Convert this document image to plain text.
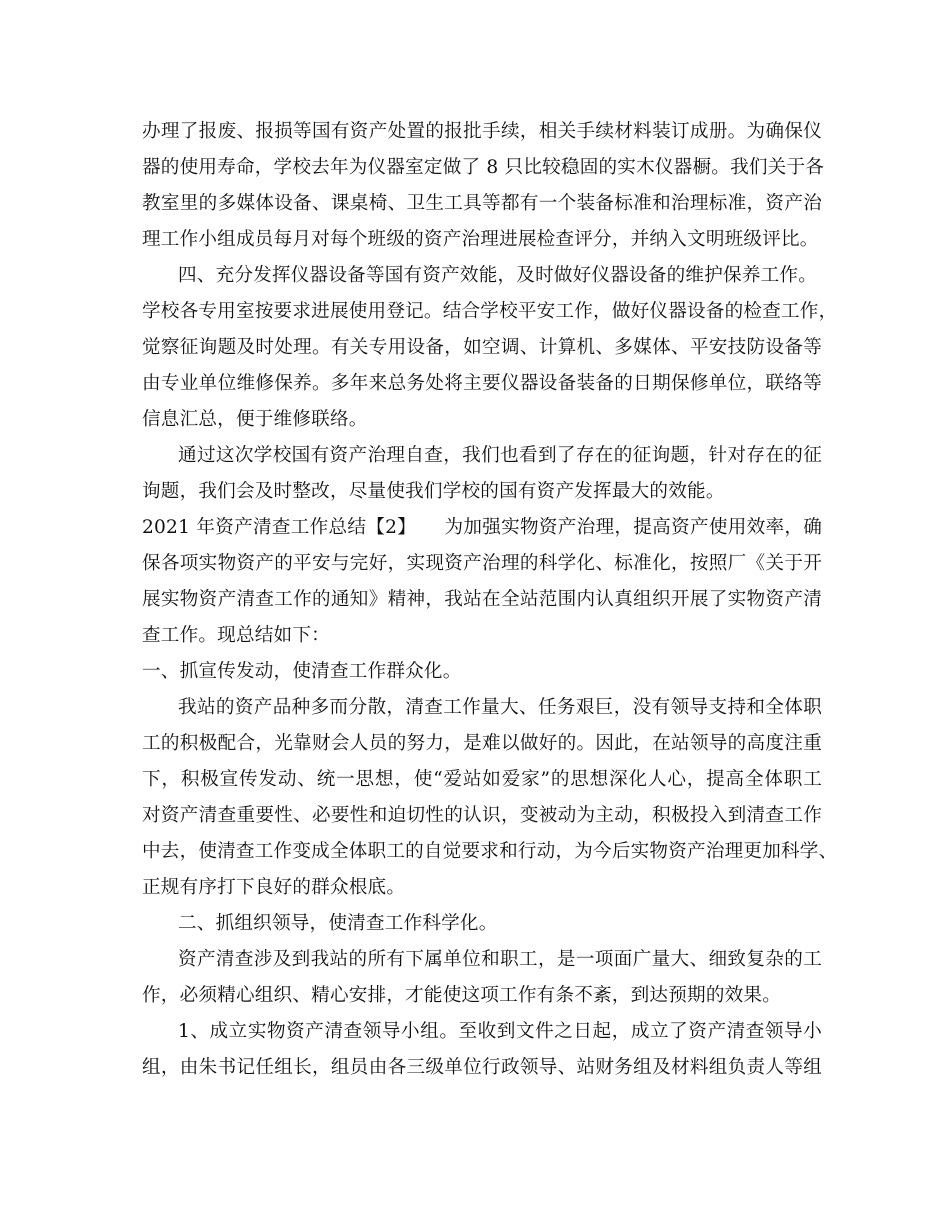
办理了报废、报损等国有资产处置的报批手续，相关手续材料装订成册。为确保仪

器的使用寿命，学校去年为仪器室定做了 8 只比较稳固的实木仪器橱。我们关于各

教室里的多媒体设备、课桌椅、卫生工具等都有一个装备标准和治理标准，资产治

理工作小组成员每月对每个班级的资产治理进展检查评分，并纳入文明班级评比。

四、充分发挥仪器设备等国有资产效能，及时做好仪器设备的维护保养工作。

学校各专用室按要求进展使用登记。结合学校平安工作，做好仪器设备的检查工作，

觉察征询题及时处理。有关专用设备，如空调、计算机、多媒体、平安技防设备等

由专业单位维修保养。多年来总务处将主要仪器设备装备的日期保修单位，联络等

信息汇总，便于维修联络。

通过这次学校国有资产治理自查，我们也看到了存在的征询题，针对存在的征

询题，我们会及时整改，尽量使我们学校的国有资产发挥最大的效能。

2021 年资产清查工作总结【2】　　为加强实物资产治理，提高资产使用效率，确

保各项实物资产的平安与完好，实现资产治理的科学化、标准化，按照厂《关于开

展实物资产清查工作的通知》精神，我站在全站范围内认真组织开展了实物资产清

查工作。现总结如下：

一、抓宣传发动，使清查工作群众化。

我站的资产品种多而分散，清查工作量大、任务艰巨，没有领导支持和全体职

工的积极配合，光靠财会人员的努力，是难以做好的。因此，在站领导的高度注重

下，积极宣传发动、统一思想，使“爱站如爱家”的思想深化人心，提高全体职工

对资产清查重要性、必要性和迫切性的认识，变被动为主动，积极投入到清查工作

中去，使清查工作变成全体职工的自觉要求和行动，为今后实物资产治理更加科学、

正规有序打下良好的群众根底。

二、抓组织领导，使清查工作科学化。

资产清查涉及到我站的所有下属单位和职工，是一项面广量大、细致复杂的工

作，必须精心组织、精心安排，才能使这项工作有条不紊，到达预期的效果。

1、成立实物资产清查领导小组。至收到文件之日起，成立了资产清查领导小

组，由朱书记任组长，组员由各三级单位行政领导、站财务组及材料组负责人等组
